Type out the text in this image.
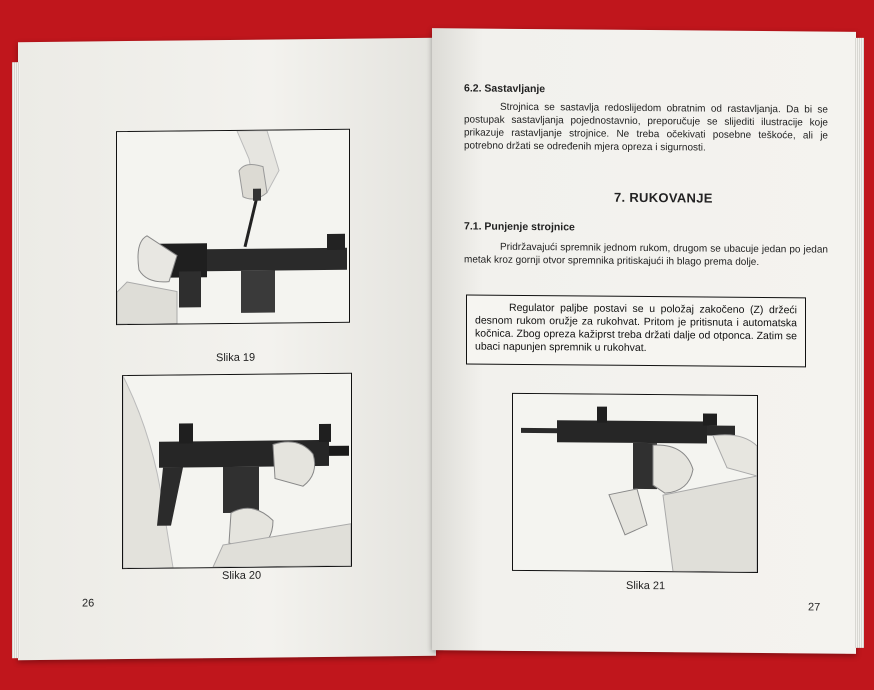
Slika 19
Slika 20
26
6.2. Sastavljanje

Strojnica se sastavlja redoslijedom obratnim od rastavljanja. Da bi se postupak sastavljanja pojednostavnio, preporučuje se slijediti ilustracije koje prikazuje rastavljanje strojnice. Ne treba očekivati posebne teškoće, ali je potrebno držati se određenih mjera opreza i sigurnosti.

7. RUKOVANJE
7.1. Punjenje strojnice

Pridržavajući spremnik jednom rukom, drugom se ubacuje jedan po jedan metak kroz gornji otvor spremnika pritiskajući ih blago prema dolje.

Regulator paljbe postavi se u položaj zakočeno (Z) držeći desnom rukom oružje za rukohvat. Pritom je pritisnuta i automatska kočnica. Zbog opreza kažiprst treba držati dalje od otponca. Zatim se ubaci napunjen spremnik u rukohvat.

Slika 21
27
